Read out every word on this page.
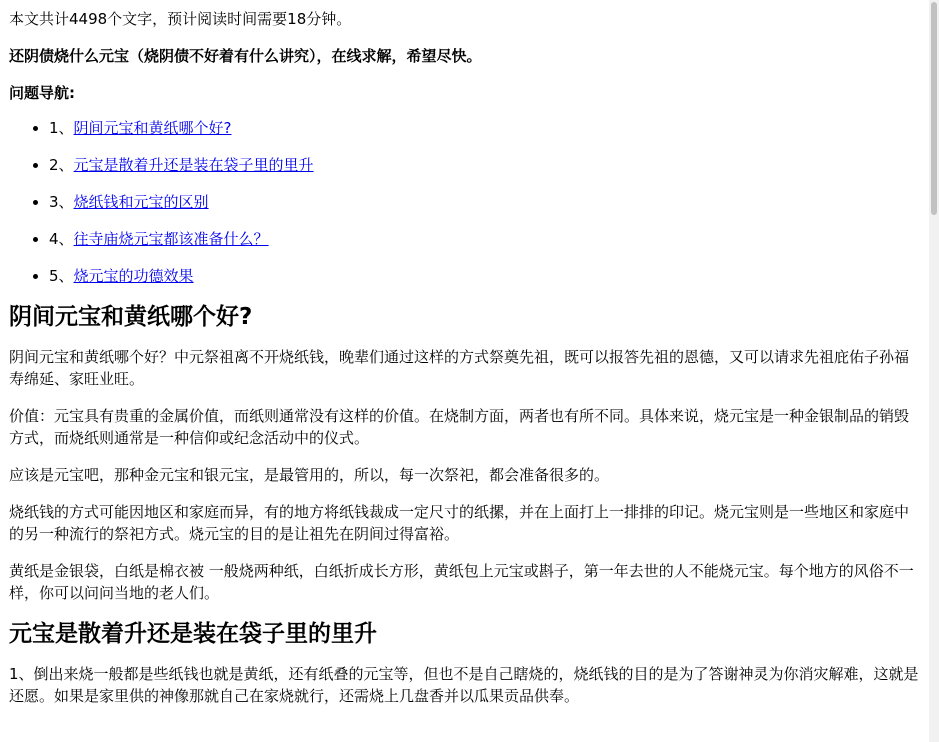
本文共计4498个文字，预计阅读时间需要18分钟。

还阴债烧什么元宝（烧阴债不好着有什么讲究），在线求解，希望尽快。

问题导航:

• 1、阴间元宝和黄纸哪个好?
• 2、元宝是散着升还是装在袋子里的里升
• 3、烧纸钱和元宝的区别
• 4、往寺庙烧元宝都该准备什么？
• 5、烧元宝的功德效果
阴间元宝和黄纸哪个好?

阴间元宝和黄纸哪个好？中元祭祖离不开烧纸钱，晚辈们通过这样的方式祭奠先祖，既可以报答先祖的恩德，又可以请求先祖庇佑子孙福寿绵延、家旺业旺。

价值：元宝具有贵重的金属价值，而纸则通常没有这样的价值。在烧制方面，两者也有所不同。具体来说，烧元宝是一种金银制品的销毁方式，而烧纸则通常是一种信仰或纪念活动中的仪式。

应该是元宝吧，那种金元宝和银元宝，是最管用的，所以，每一次祭祀，都会准备很多的。

烧纸钱的方式可能因地区和家庭而异，有的地方将纸钱裁成一定尺寸的纸摞，并在上面打上一排排的印记。烧元宝则是一些地区和家庭中的另一种流行的祭祀方式。烧元宝的目的是让祖先在阴间过得富裕。

黄纸是金银袋，白纸是棉衣被 一般烧两种纸，白纸折成长方形，黄纸包上元宝或斟子，第一年去世的人不能烧元宝。每个地方的风俗不一样，你可以问问当地的老人们。

元宝是散着升还是装在袋子里的里升

1、倒出来烧一般都是些纸钱也就是黄纸，还有纸叠的元宝等，但也不是自己瞎烧的，烧纸钱的目的是为了答谢神灵为你消灾解难，这就是还愿。如果是家里供的神像那就自己在家烧就行，还需烧上几盘香并以瓜果贡品供奉。
